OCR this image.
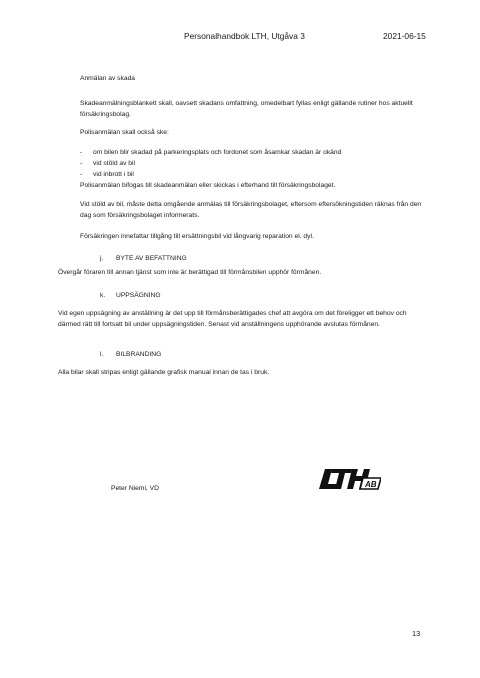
Personalhandbok LTH, Utgåva 3	2021-06-15

Anmälan av skada

Skadeanmälningsblankett skall, oavsett skadans omfattning, omedelbart fyllas enligt gällande rutiner hos aktuellt försäkringsbolag.

Polisanmälan skall också ske:

- om bilen blir skadad på parkeringsplats och fordonet som åsamkar skadan är okänd
- vid stöld av bil
- vid inbrott i bil

Polisanmälan bifogas till skadeanmälan eller skickas i efterhand till försäkringsbolaget.

Vid stöld av bil, måste detta omgående anmälas till försäkringsbolaget, eftersom eftersökningstiden räknas från den dag som försäkringsbolaget informerats.

Försäkringen innefattar tillgång till ersättningsbil vid långvarig reparation el. dyl.

j. BYTE AV BEFATTNING

Övergår föraren till annan tjänst som inte är berättigad till förmånsbilen upphör förmånen.

k. UPPSÄGNING

Vid egen uppsägning av anställning är det upp till förmånsberättigades chef att avgöra om det föreligger ett behov och därmed rätt till fortsatt bil under uppsägningstiden. Senast vid anställningens upphörande avslutas förmånen.

l. BILBRANDING

Alla bilar skall stripas enligt gällande grafisk manual innan de tas i bruk.

Peter Niemi, VD	AB
13
